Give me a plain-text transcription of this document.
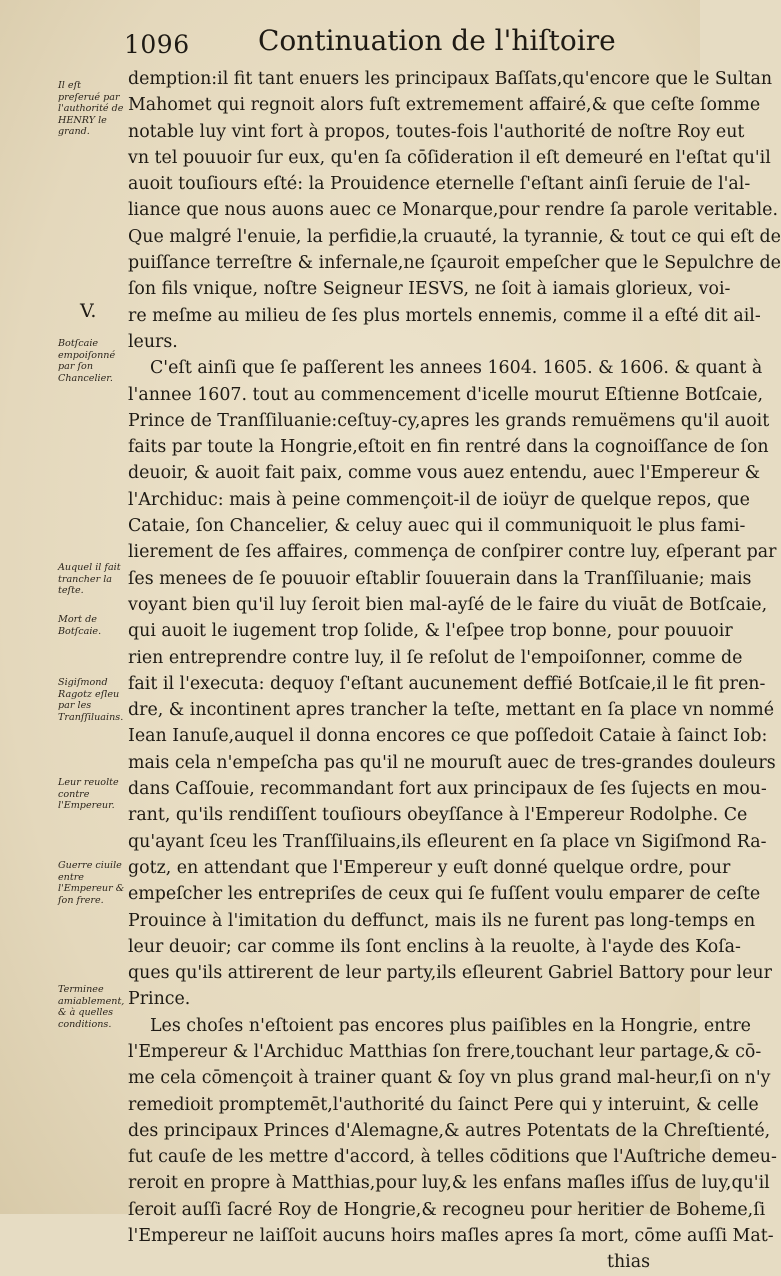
1096 Continuation de l'hiſtoire
V.
Il eſt preſerué par l'authorité de HENRY le grand.
Botſcaie empoiſonné par ſon Chancelier.
Auquel il fait trancher la teſte.
Mort de Botſcaie.
Sigiſmond Ragotz eſleu par les Tranſſiluains.
Leur reuolte contre l'Empereur.
Guerre ciuile entre l'Empereur & ſon frere.
Terminee amiablement, & à quelles conditions.
demption:il fit tant enuers les principaux Baſſats,qu'encore que le Sultan
Mahomet qui regnoit alors fuſt extremement affairé,& que ceſte ſomme
notable luy vint fort à propos, toutes-fois l'authorité de noſtre Roy eut
vn tel pouuoir ſur eux, qu'en ſa cōſideration il eſt demeuré en l'eſtat qu'il
auoit touſiours eſté: la Prouidence eternelle ſ'eſtant ainſi ſeruie de l'al-
liance que nous auons auec ce Monarque,pour rendre ſa parole veritable.
Que malgré l'enuie, la perfidie,la cruauté, la tyrannie, & tout ce qui eſt de
puiſſance terreſtre & infernale,ne ſçauroit empeſcher que le Sepulchre de
ſon fils vnique, noſtre Seigneur IESVS, ne ſoit à iamais glorieux, voi-
re meſme au milieu de ſes plus mortels ennemis, comme il a eſté dit ail-
leurs.
C'eſt ainſi que ſe paſſerent les annees 1604. 1605. & 1606. & quant à
l'annee 1607. tout au commencement d'icelle mourut Eſtienne Botſcaie,
Prince de Tranſſiluanie:ceſtuy-cy,apres les grands remuëmens qu'il auoit
faits par toute la Hongrie,eſtoit en fin rentré dans la cognoiſſance de ſon
deuoir, & auoit fait paix, comme vous auez entendu, auec l'Empereur &
l'Archiduc: mais à peine commençoit-il de ioüyr de quelque repos, que
Cataie, ſon Chancelier, & celuy auec qui il communiquoit le plus fami-
lierement de ſes affaires, commença de conſpirer contre luy, eſperant par
ſes menees de ſe pouuoir eſtablir ſouuerain dans la Tranſſiluanie; mais
voyant bien qu'il luy ſeroit bien mal-ayſé de le faire du viuāt de Botſcaie,
qui auoit le iugement trop ſolide, & l'eſpee trop bonne, pour pouuoir
rien entreprendre contre luy, il ſe reſolut de l'empoiſonner, comme de
fait il l'executa: dequoy ſ'eſtant aucunement deffié Botſcaie,il le fit pren-
dre, & incontinent apres trancher la teſte, mettant en ſa place vn nommé
Iean Ianuſe,auquel il donna encores ce que poſſedoit Cataie à ſainct Iob:
mais cela n'empeſcha pas qu'il ne mouruſt auec de tres-grandes douleurs
dans Caſſouie, recommandant fort aux principaux de ſes ſujects en mou-
rant, qu'ils rendiſſent touſiours obeyſſance à l'Empereur Rodolphe. Ce
qu'ayant ſceu les Tranſſiluains,ils eſleurent en ſa place vn Sigiſmond Ra-
gotz, en attendant que l'Empereur y euſt donné quelque ordre, pour
empeſcher les entrepriſes de ceux qui ſe fuſſent voulu emparer de ceſte
Prouince à l'imitation du deffunct, mais ils ne furent pas long-temps en
leur deuoir; car comme ils ſont enclins à la reuolte, à l'ayde des Koſa-
ques qu'ils attirerent de leur party,ils eſleurent Gabriel Battory pour leur
Prince.
Les choſes n'eſtoient pas encores plus paiſibles en la Hongrie, entre
l'Empereur & l'Archiduc Matthias ſon frere,touchant leur partage,& cō-
me cela cōmençoit à trainer quant & ſoy vn plus grand mal-heur,ſi on n'y
remedioit promptemēt,l'authorité du ſainct Pere qui y interuint, & celle
des principaux Princes d'Alemagne,& autres Potentats de la Chreſtienté,
fut cauſe de les mettre d'accord, à telles cōditions que l'Auſtriche demeu-
reroit en propre à Matthias,pour luy,& les enfans maſles iſſus de luy,qu'il
ſeroit auſſi ſacré Roy de Hongrie,& recogneu pour heritier de Boheme,ſi
l'Empereur ne laiſſoit aucuns hoirs maſles apres ſa mort, cōme auſſi Mat-
thias
